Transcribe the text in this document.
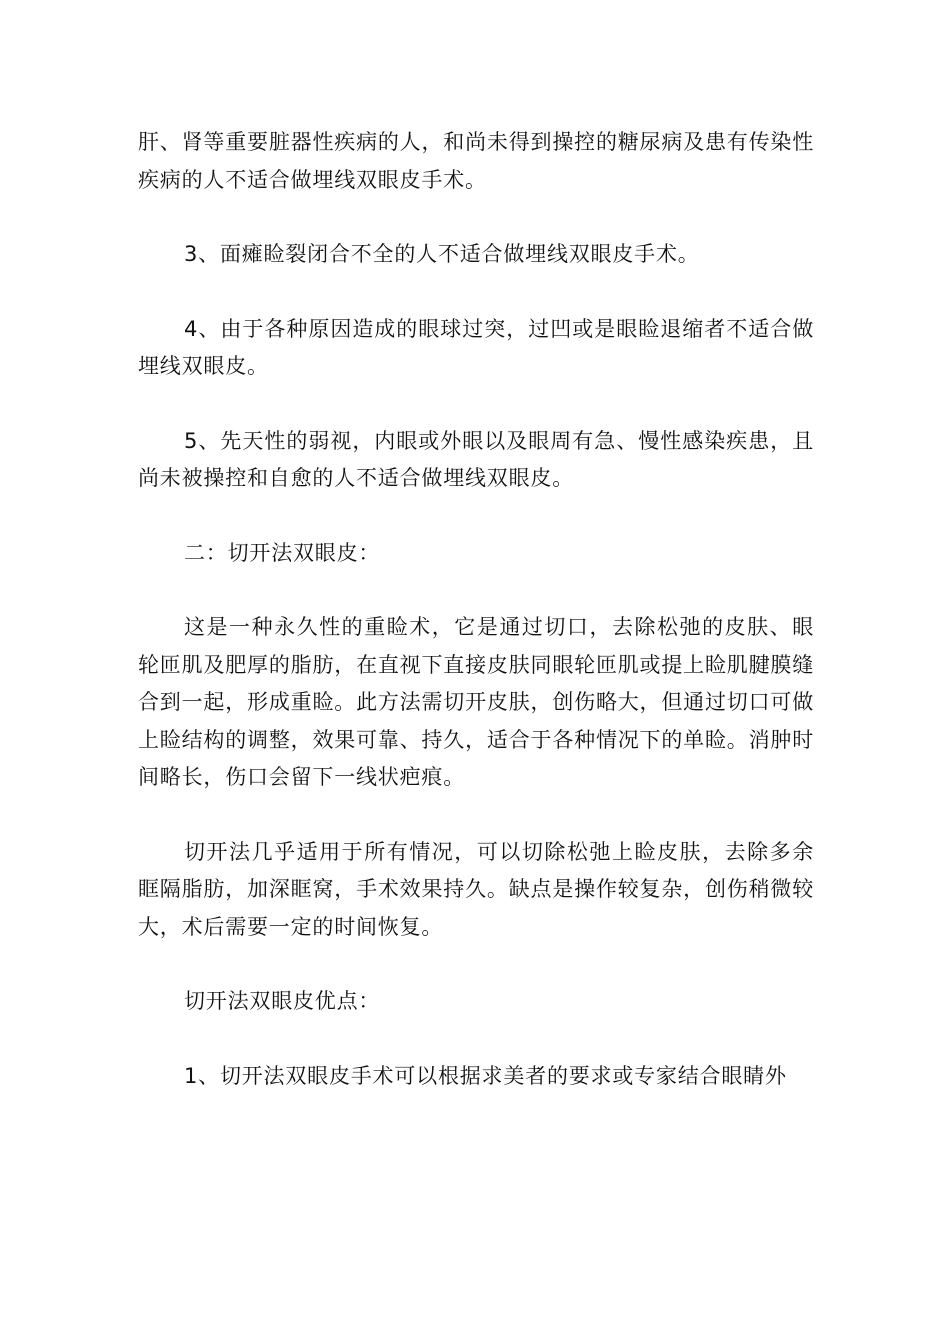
肝、肾等重要脏器性疾病的人，和尚未得到操控的糖尿病及患有传染性疾病的人不适合做埋线双眼皮手术。

3、面瘫睑裂闭合不全的人不适合做埋线双眼皮手术。

4、由于各种原因造成的眼球过突，过凹或是眼睑退缩者不适合做埋线双眼皮。

5、先天性的弱视，内眼或外眼以及眼周有急、慢性感染疾患，且尚未被操控和自愈的人不适合做埋线双眼皮。

二：切开法双眼皮：

这是一种永久性的重睑术，它是通过切口，去除松弛的皮肤、眼轮匝肌及肥厚的脂肪，在直视下直接皮肤同眼轮匝肌或提上睑肌腱膜缝合到一起，形成重睑。此方法需切开皮肤，创伤略大，但通过切口可做上睑结构的调整，效果可靠、持久，适合于各种情况下的单睑。消肿时间略长，伤口会留下一线状疤痕。

切开法几乎适用于所有情况，可以切除松弛上睑皮肤，去除多余眶隔脂肪，加深眶窝，手术效果持久。缺点是操作较复杂，创伤稍微较大，术后需要一定的时间恢复。

切开法双眼皮优点：

1、切开法双眼皮手术可以根据求美者的要求或专家结合眼睛外
